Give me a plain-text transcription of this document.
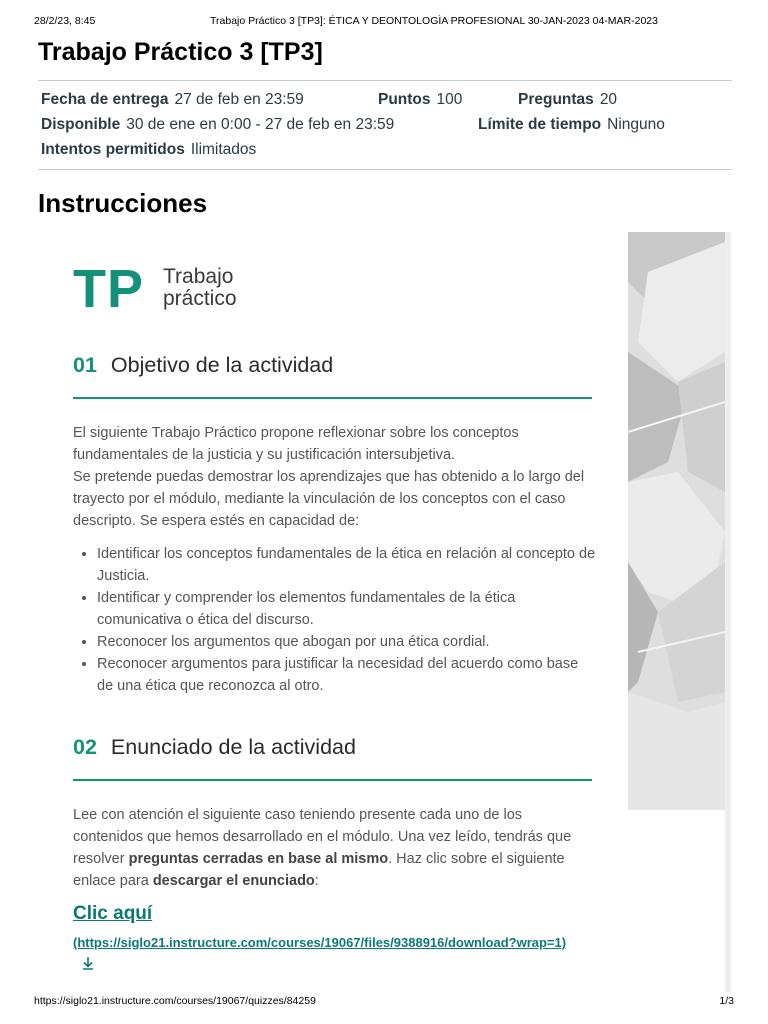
28/2/23, 8:45	Trabajo Práctico 3 [TP3]: ÉTICA Y DEONTOLOGÌA PROFESIONAL 30-JAN-2023 04-MAR-2023
Trabajo Práctico 3 [TP3]
Fecha de entrega 27 de feb en 23:59	Puntos 100	Preguntas 20
Disponible 30 de ene en 0:00 - 27 de feb en 23:59	Límite de tiempo Ninguno
Intentos permitidos Ilimitados
Instrucciones
TP Trabajo
práctico
01 Objetivo de la actividad

El siguiente Trabajo Práctico propone reflexionar sobre los conceptos fundamentales de la justicia y su justificación intersubjetiva.

Se pretende puedas demostrar los aprendizajes que has obtenido a lo largo del trayecto por el módulo, mediante la vinculación de los conceptos con el caso descripto. Se espera estés en capacidad de:

• Identificar los conceptos fundamentales de la ética en relación al concepto de Justicia.
• Identificar y comprender los elementos fundamentales de la ética comunicativa o ética del discurso.
• Reconocer los argumentos que abogan por una ética cordial.
• Reconocer argumentos para justificar la necesidad del acuerdo como base de una ética que reconozca al otro.
02 Enunciado de la actividad
Lee con atención el siguiente caso teniendo presente cada uno de los contenidos que hemos desarrollado en el módulo. Una vez leído, tendrás que resolver preguntas cerradas en base al mismo. Haz clic sobre el siguiente enlace para descargar el enunciado:
Clic aquí
(https://siglo21.instructure.com/courses/19067/files/9388916/download?wrap=1)
https://siglo21.instructure.com/courses/19067/quizzes/84259	1/3
